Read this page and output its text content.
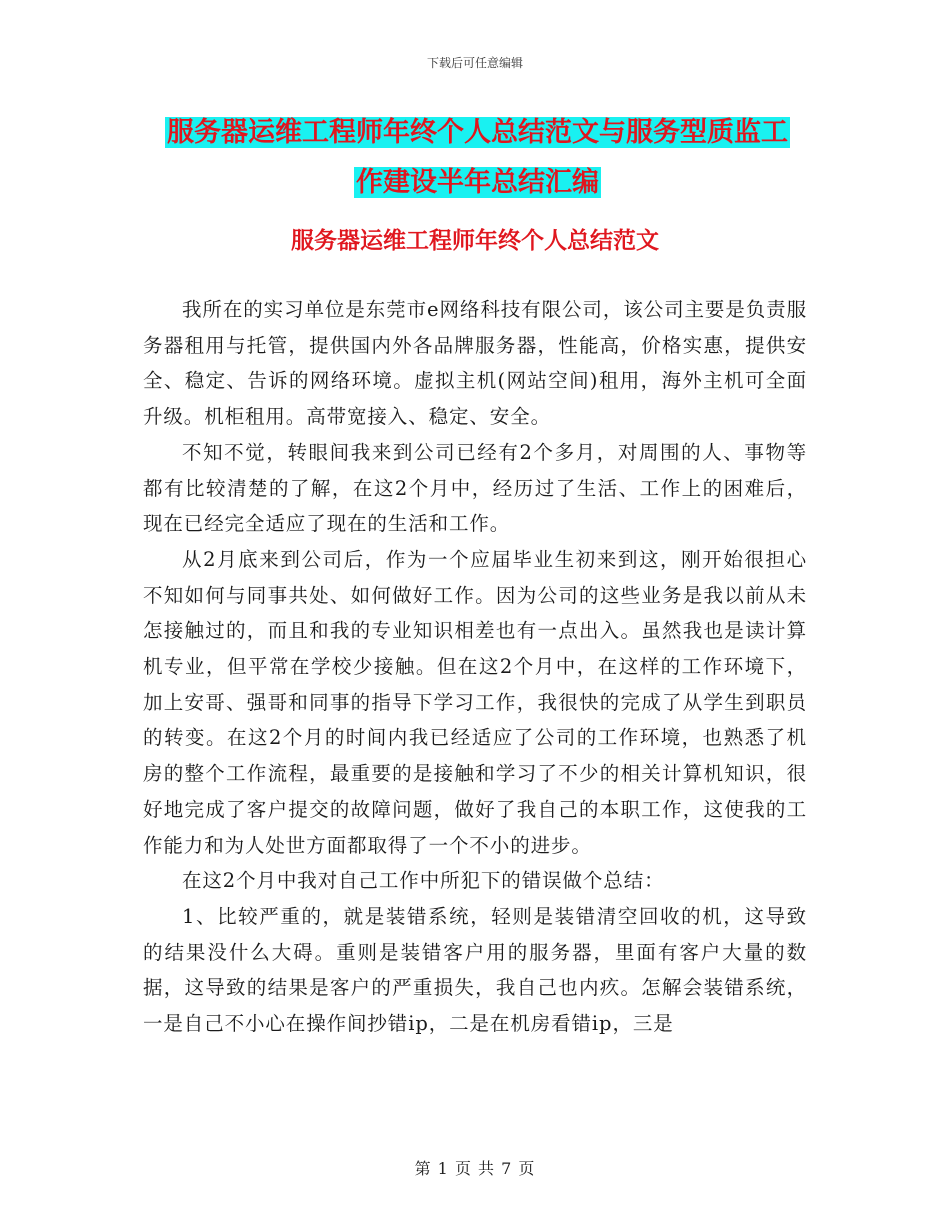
下载后可任意编辑
服务器运维工程师年终个人总结范文与服务型质监工
作建设半年总结汇编
服务器运维工程师年终个人总结范文

我所在的实习单位是东莞市e网络科技有限公司，该公司主要是负责服务器租用与托管，提供国内外各品牌服务器，性能高，价格实惠，提供安全、稳定、告诉的网络环境。虚拟主机(网站空间)租用，海外主机可全面升级。机柜租用。高带宽接入、稳定、安全。

不知不觉，转眼间我来到公司已经有2个多月，对周围的人、事物等都有比较清楚的了解，在这2个月中，经历过了生活、工作上的困难后，现在已经完全适应了现在的生活和工作。

从2月底来到公司后，作为一个应届毕业生初来到这，刚开始很担心不知如何与同事共处、如何做好工作。因为公司的这些业务是我以前从未怎接触过的，而且和我的专业知识相差也有一点出入。虽然我也是读计算机专业，但平常在学校少接触。但在这2个月中，在这样的工作环境下，加上安哥、强哥和同事的指导下学习工作，我很快的完成了从学生到职员的转变。在这2个月的时间内我已经适应了公司的工作环境，也熟悉了机房的整个工作流程，最重要的是接触和学习了不少的相关计算机知识，很好地完成了客户提交的故障问题，做好了我自己的本职工作，这使我的工作能力和为人处世方面都取得了一个不小的进步。

在这2个月中我对自己工作中所犯下的错误做个总结：

1、比较严重的，就是装错系统，轻则是装错清空回收的机，这导致的结果没什么大碍。重则是装错客户用的服务器，里面有客户大量的数据，这导致的结果是客户的严重损失，我自己也内疚。怎解会装错系统，一是自己不小心在操作间抄错ip，二是在机房看错ip，三是

第 1 页 共 7 页
